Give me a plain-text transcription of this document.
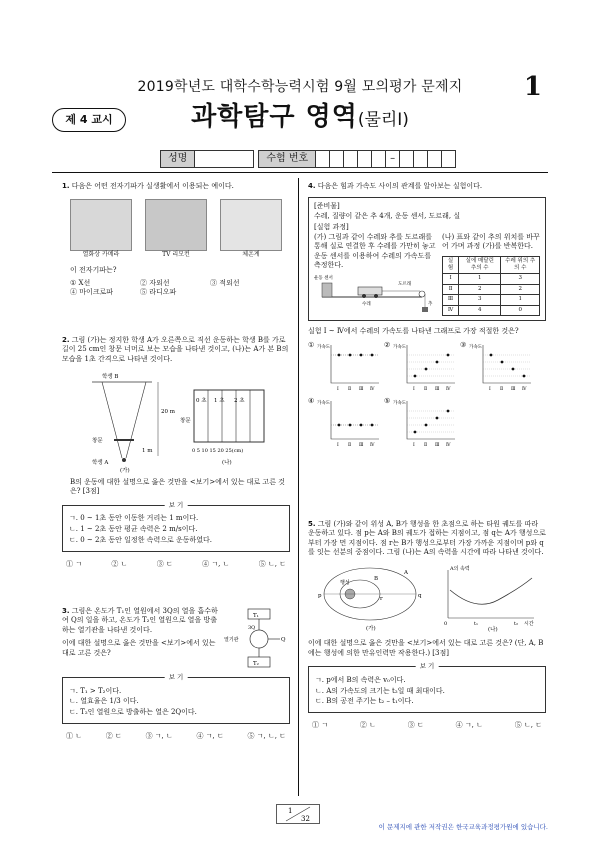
2019학년도 대학수학능력시험 9월 모의평가 문제지	1
제 4 교시	과학탐구 영역(물리Ⅰ)
성명	수험 번호	–
1. 다음은 어떤 전자기파가 실생활에서 이용되는 예이다.
열화상 카메라	TV 리모컨	체온계
이 전자기파는?
① X선	② 자외선	③ 적외선
④ 마이크로파	⑤ 라디오파
2. 그림 (가)는 정지한 학생 A가 오른쪽으로 직선 운동하는 학생 B를 가로 길이 25 cm인 창문 너머로 보는 모습을 나타낸 것이고, (나)는 A가 본 B의 모습을 1초 간격으로 나타낸 것이다.
학생 B
창문
학생 A
20 m
1 m
0 초 1 초 2 초
창문
0 5 10 15 20 25(cm)
(가)
(나)
B의 운동에 대한 설명으로 옳은 것만을 <보기>에서 있는 대로 고른 것은? [3점]
보 기
ㄱ. 0 ~ 1초 동안 이동한 거리는 1 m이다.
ㄴ. 1 ~ 2초 동안 평균 속력은 2 m/s이다.
ㄷ. 0 ~ 2초 동안 일정한 속력으로 운동하였다.
① ㄱ	② ㄴ	③ ㄷ	④ ㄱ, ㄴ	⑤ ㄴ, ㄷ
3. 그림은 온도가 T₁인 열원에서 3Q의 열을 흡수하여 Q의 일을 하고, 온도가 T₂인 열원으로 열을 방출하는 열기관을 나타낸 것이다.
이에 대한 설명으로 옳은 것만을 <보기>에서 있는 대로 고른 것은?
T₁
3Q
Q
열기관
T₂
보 기
ㄱ. T₁ > T₂이다.
ㄴ. 열효율은 1/3 이다.
ㄷ. T₂인 열원으로 방출하는 열은 2Q이다.
① ㄴ	② ㄷ	③ ㄱ, ㄴ	④ ㄱ, ㄷ	⑤ ㄱ, ㄴ, ㄷ
4. 다음은 힘과 가속도 사이의 관계를 알아보는 실험이다.
[준비물]
수레, 질량이 같은 추 4개, 운동 센서, 도르래, 실
[실험 과정]
(가) 그림과 같이 수레와 추를 도르래를 통해 실로 연결한 후 수레를 가만히 놓고 운동 센서를 이용하여 수레의 가속도를 측정한다.
운동 센서
수레
도르래
추
(나) 표와 같이 추의 위치를 바꾸어 가며 과정 (가)를 반복한다.
실험	실에 매달린 추의 수	수레 위의 추의 수
Ⅰ	1	3
Ⅱ	2	2
Ⅲ	3	1
Ⅳ	4	0
실험 Ⅰ ~ Ⅳ에서 수레의 가속도를 나타낸 그래프로 가장 적절한 것은?
① 가속도
Ⅰ Ⅱ Ⅲ Ⅳ
② 가속도
Ⅰ Ⅱ Ⅲ Ⅳ
③ 가속도
Ⅰ Ⅱ Ⅲ Ⅳ
④ 가속도
Ⅰ Ⅱ Ⅲ Ⅳ
⑤ 가속도
Ⅰ Ⅱ Ⅲ Ⅳ
5. 그림 (가)와 같이 위성 A, B가 행성을 한 초점으로 하는 타원 궤도를 따라 운동하고 있다. 점 p는 A와 B의 궤도가 접하는 지점이고, 점 q는 A가 행성으로부터 가장 먼 지점이다. 점 r는 B가 행성으로부터 가장 가까운 지점이며 p와 q를 잇는 선분의 중점이다. 그림 (나)는 A의 속력을 시간에 따라 나타낸 것이다.
행성
A
B
p	q
r
(가)
A의 속력
0	t₁	t₂ 시간
(나)
이에 대한 설명으로 옳은 것만을 <보기>에서 있는 대로 고른 것은? (단, A, B에는 행성에 의한 만유인력만 작용한다.) [3점]
보 기
ㄱ. p에서 B의 속력은 v₀이다.
ㄴ. A의 가속도의 크기는 t₂일 때 최대이다.
ㄷ. B의 공전 주기는 t₂ – t₁이다.
① ㄱ	② ㄴ	③ ㄷ	④ ㄱ, ㄴ	⑤ ㄴ, ㄷ
1
32
이 문제지에 관한 저작권은 한국교육과정평가원에 있습니다.
